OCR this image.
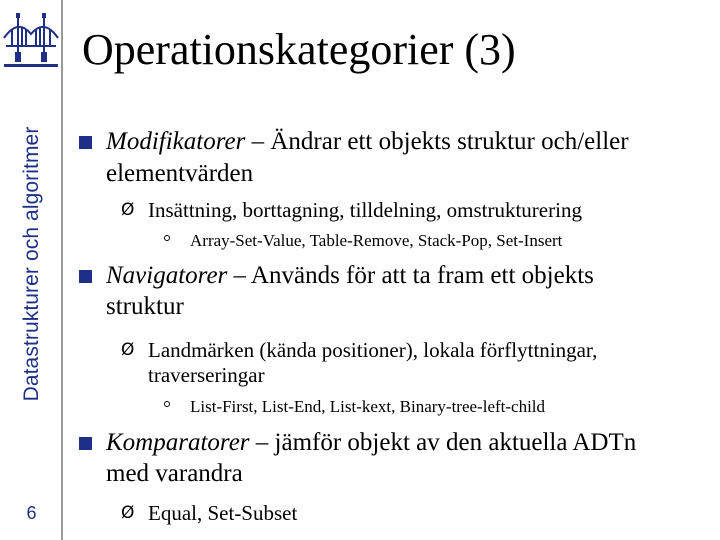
Datastrukturer och algoritmer
6
Operationskategorier (3)
Modifikatorer – Ändrar ett objekts struktur och/eller
elementvärden
Ø Insättning, borttagning, tilldelning, omstrukturering
Array-Set-Value, Table-Remove, Stack-Pop, Set-Insert
Navigatorer – Används för att ta fram ett objekts
struktur
Ø Landmärken (kända positioner), lokala förflyttningar,
traverseringar
List-First, List-End, List-kext, Binary-tree-left-child
Komparatorer – jämför objekt av den aktuella ADTn
med varandra
Ø Equal, Set-Subset
